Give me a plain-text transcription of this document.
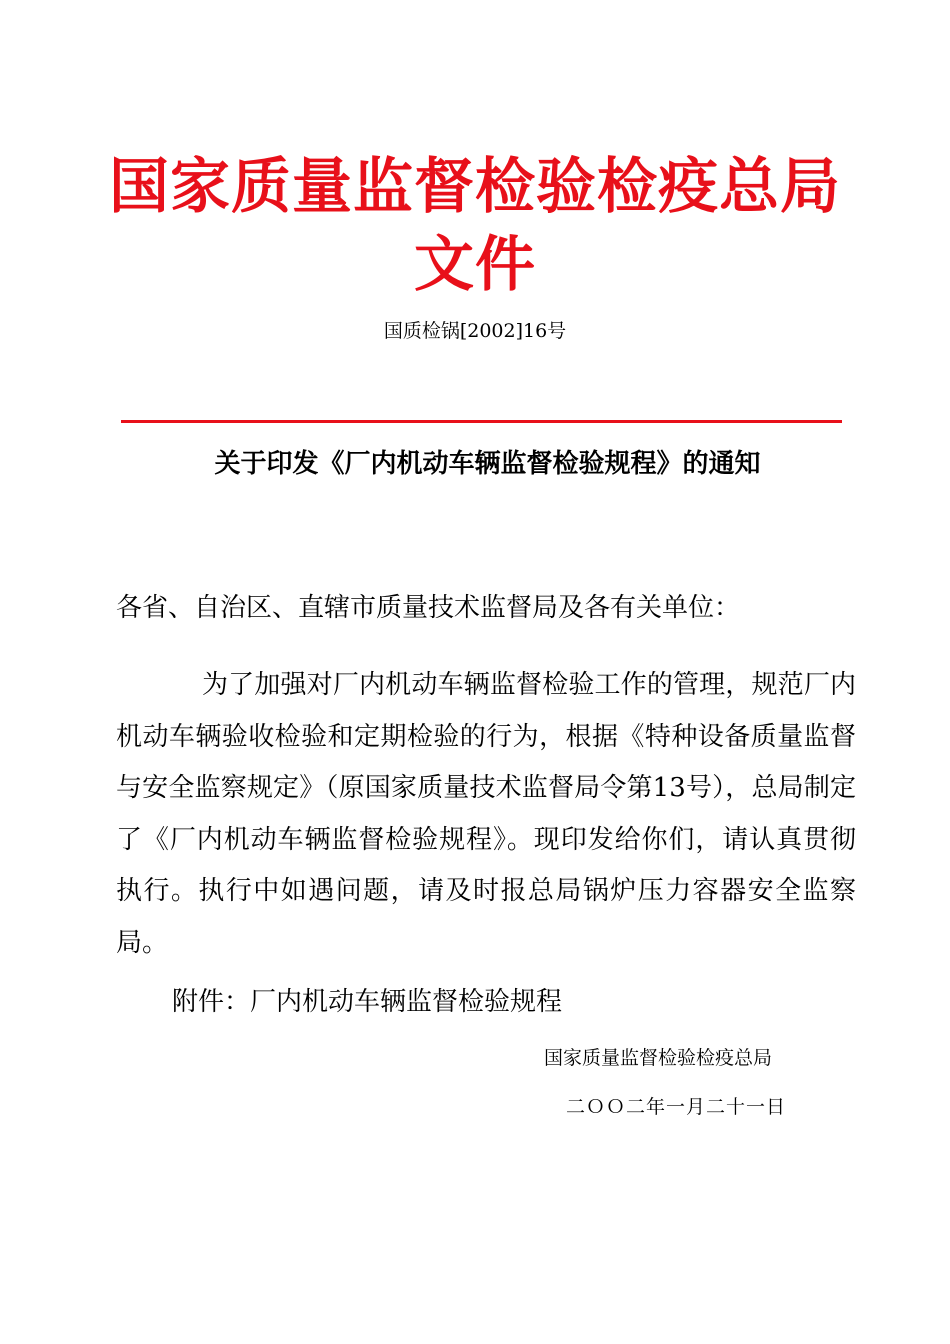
国家质量监督检验检疫总局文件
国质检锅[2002]16号
关于印发《厂内机动车辆监督检验规程》的通知
各省、自治区、直辖市质量技术监督局及各有关单位：

为了加强对厂内机动车辆监督检验工作的管理，规范厂内机动车辆验收检验和定期检验的行为，根据《特种设备质量监督与安全监察规定》（原国家质量技术监督局令第13号），总局制定了《厂内机动车辆监督检验规程》。现印发给你们，请认真贯彻执行。执行中如遇问题，请及时报总局锅炉压力容器安全监察局。

附件：厂内机动车辆监督检验规程
国家质量监督检验检疫总局
二ＯＯ二年一月二十一日
